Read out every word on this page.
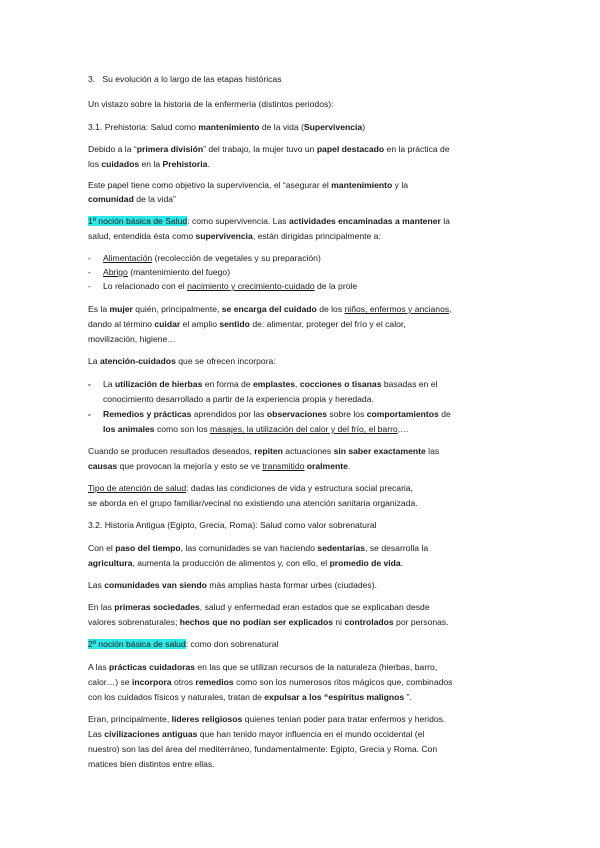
3. Su evolución a lo largo de las etapas históricas
Un vistazo sobre la historia de la enfermería (distintos periodos):
3.1. Prehistoria: Salud como mantenimiento de la vida (Supervivencia)
Debido a la “primera división” del trabajo, la mujer tuvo un papel destacado en la práctica de
los cuidados en la Prehistoria.
Este papel tiene como objetivo la supervivencia, el “asegurar el mantenimiento y la
comunidad de la vida”
1º noción básica de Salud: como supervivencia. Las actividades encaminadas a mantener la
salud, entendida ésta como supervivencia, están dirigidas principalmente a:
- Alimentación (recolección de vegetales y su preparación)
- Abrigo (mantenimiento del fuego)
- Lo relacionado con el nacimiento y crecimiento-cuidado de la prole
Es la mujer quién, principalmente, se encarga del cuidado de los niños, enfermos y ancianos,
dando al término cuidar el amplio sentido de: alimentar, proteger del frío y el calor,
movilización, higiene…
La atención-cuidados que se ofrecen incorpora:
- La utilización de hierbas en forma de emplastes, cocciones o tisanas basadas en el
conocimiento desarrollado a partir de la experiencia propia y heredada.
- Remedios y prácticas aprendidos por las observaciones sobre los comportamientos de
los animales como son los masajes, la utilización del calor y del frío, el barro,…
Cuando se producen resultados deseados, repiten actuaciones sin saber exactamente las
causas que provocan la mejoría y esto se ve transmitido oralmente.
Tipo de atención de salud: dadas las condiciones de vida y estructura social precaria,
se aborda en el grupo familiar/vecinal no existiendo una atención sanitaria organizada.
3.2. Historia Antigua (Egipto, Grecia, Roma): Salud como valor sobrenatural
Con el paso del tiempo, las comunidades se van haciendo sedentarias, se desarrolla la
agricultura, aumenta la producción de alimentos y, con ello, el promedio de vida.
Las comunidades van siendo más amplias hasta formar urbes (ciudades).
En las primeras sociedades, salud y enfermedad eran estados que se explicaban desde
valores sobrenaturales; hechos que no podían ser explicados ni controlados por personas.
2º noción básica de salud: como don sobrenatural
A las prácticas cuidadoras en las que se utilizan recursos de la naturaleza (hierbas, barro,
calor…) se incorpora otros remedios como son los numerosos ritos mágicos que, combinados
con los cuidados físicos y naturales, tratan de expulsar a los “espíritus malignos ”.
Eran, principalmente, líderes religiosos quienes tenían poder para tratar enfermos y heridos.
Las civilizaciones antiguas que han tenido mayor influencia en el mundo occidental (el
nuestro) son las del área del mediterráneo, fundamentalmente: Egipto, Grecia y Roma. Con
matices bien distintos entre ellas.
